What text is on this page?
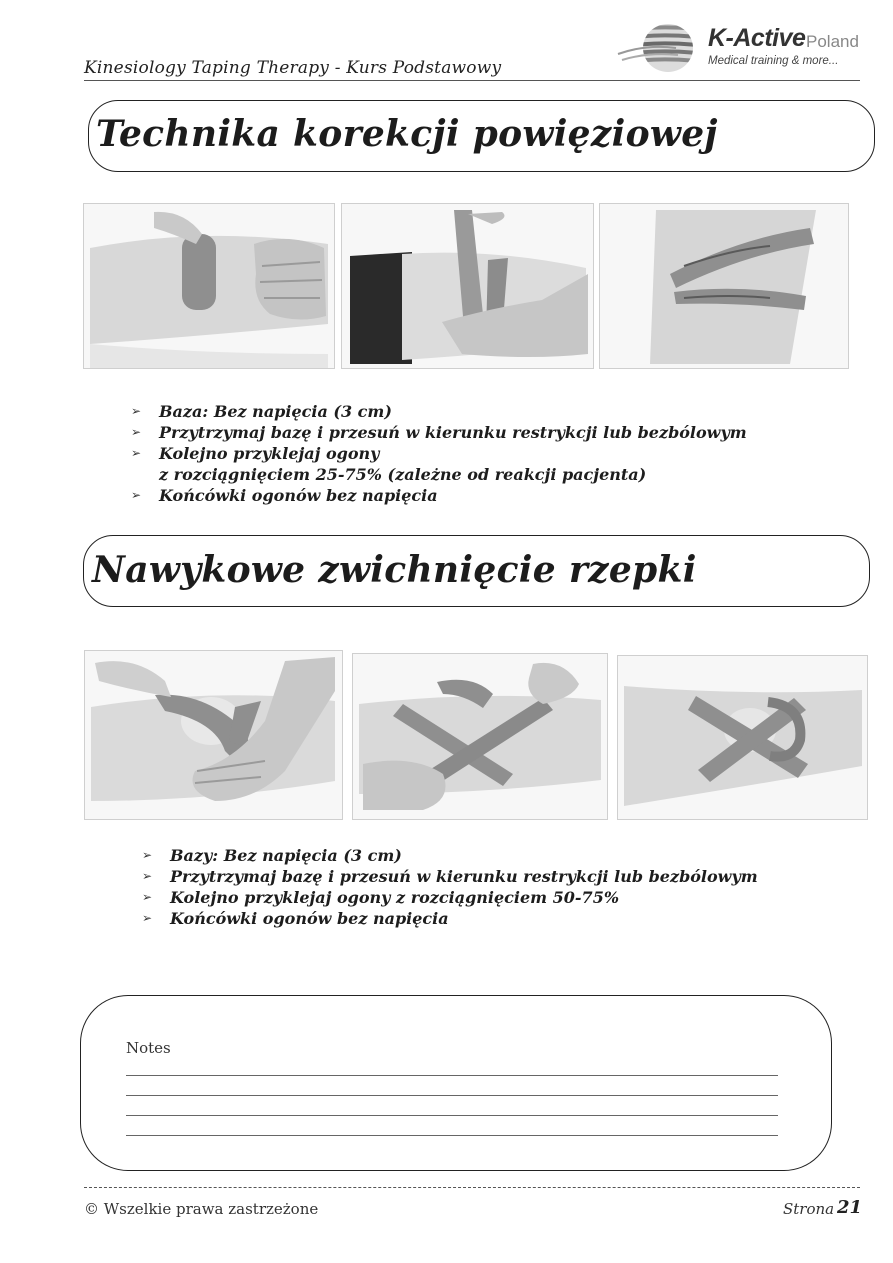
Kinesiology Taping Therapy - Kurs Podstawowy
K-Active Poland
Medical training & more...
Technika korekcji powięziowej
➢ Baza: Bez napięcia (3 cm)
➢ Przytrzymaj bazę i przesuń w kierunku restrykcji lub bezbólowym
➢ Kolejno przyklejaj ogony
z rozciągnięciem 25-75% (zależne od reakcji pacjenta)
➢ Końcówki ogonów bez napięcia
Nawykowe zwichnięcie rzepki
➢ Bazy: Bez napięcia (3 cm)
➢ Przytrzymaj bazę i przesuń w kierunku restrykcji lub bezbólowym
➢ Kolejno przyklejaj ogony z rozciągnięciem 50-75%
➢ Końcówki ogonów bez napięcia
Notes
© Wszelkie prawa zastrzeżone	Strona 21
